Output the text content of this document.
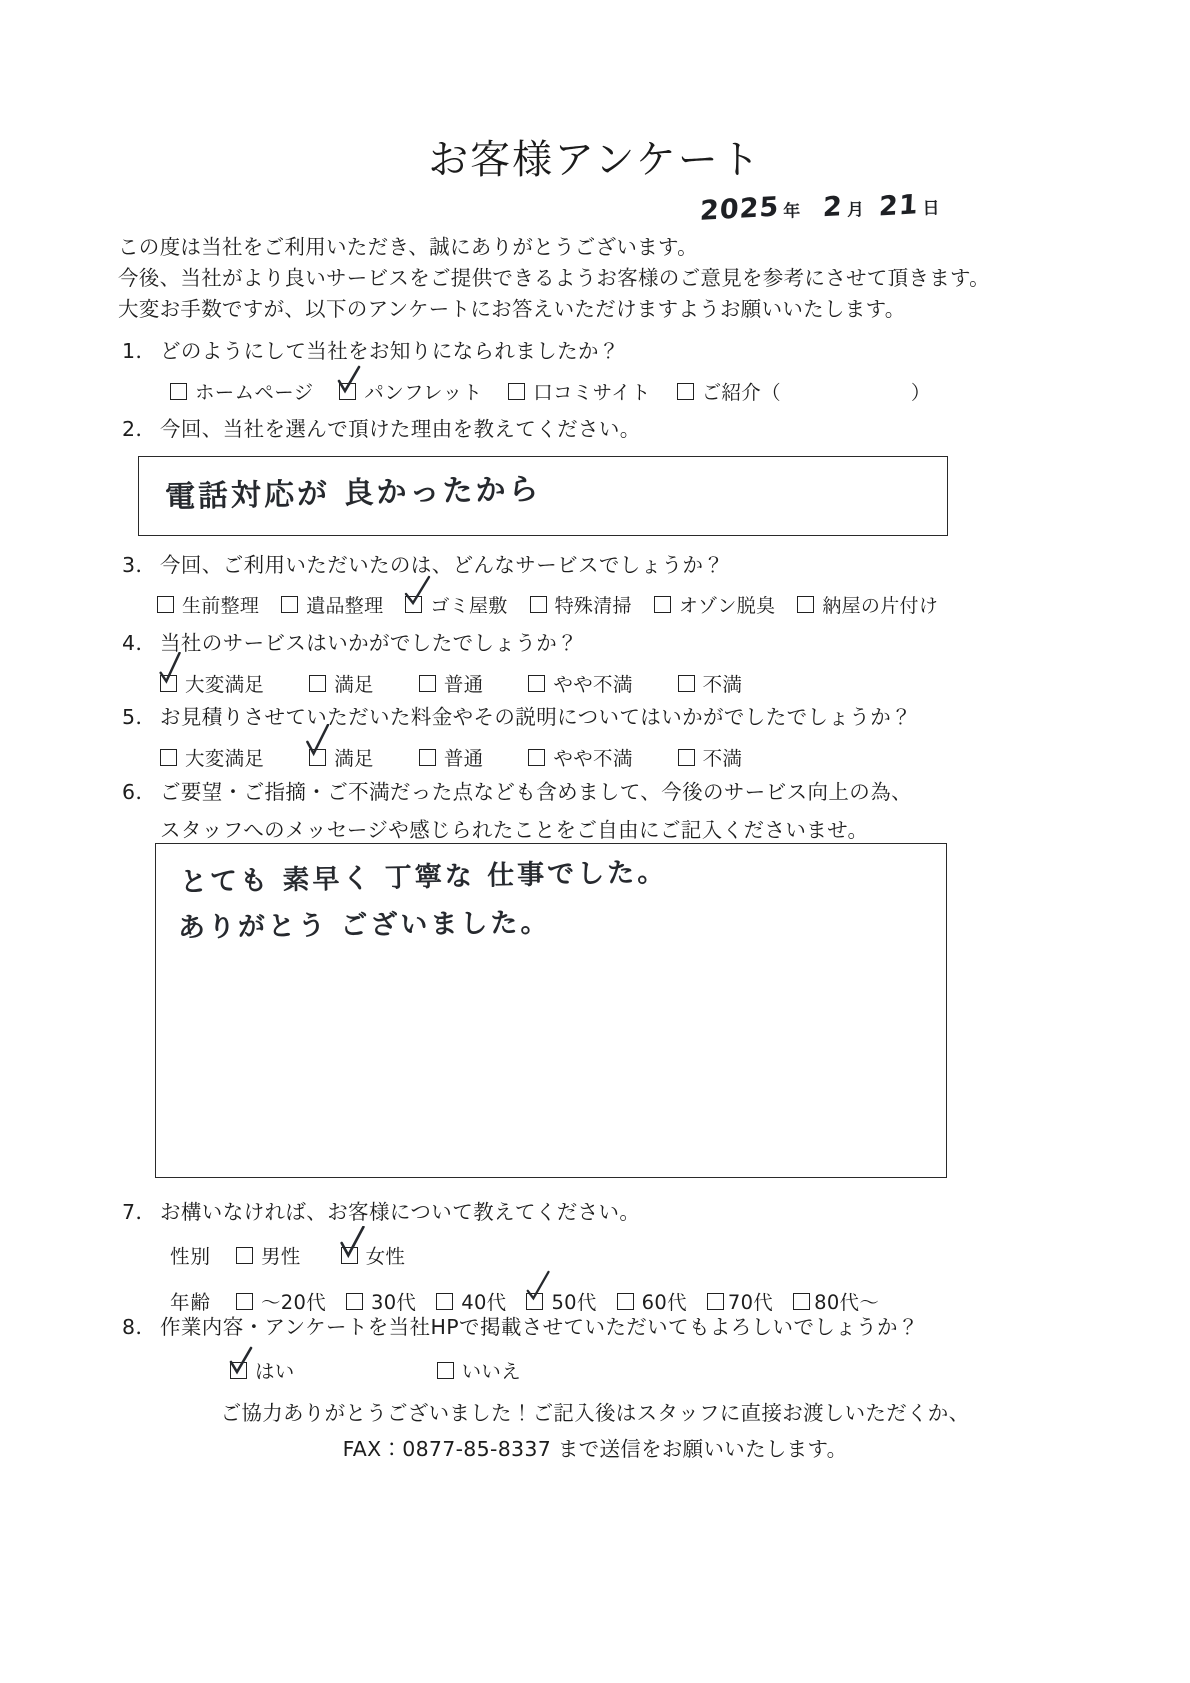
お客様アンケート
2025 年 2 月 21 日
この度は当社をご利用いただき、誠にありがとうございます。
今後、当社がより良いサービスをご提供できるようお客様のご意見を参考にさせて頂きます。
大変お手数ですが、以下のアンケートにお答えいただけますようお願いいたします。
1． どのようにして当社をお知りになられましたか？
ホームページ	パンフレット	口コミサイト	ご紹介（	）
2． 今回、当社を選んで頂けた理由を教えてください。
電話対応が 良かったから
3． 今回、ご利用いただいたのは、どんなサービスでしょうか？
生前整理 遺品整理 ゴミ屋敷 特殊清掃 オゾン脱臭 納屋の片付け
4． 当社のサービスはいかがでしたでしょうか？
大変満足	満足	普通	やや不満	不満
5． お見積りさせていただいた料金やその説明についてはいかがでしたでしょうか？
大変満足	満足	普通	やや不満	不満
6． ご要望・ご指摘・ご不満だった点なども含めまして、今後のサービス向上の為、
スタッフへのメッセージや感じられたことをご自由にご記入くださいませ。
とても 素早く 丁寧な 仕事でした。
ありがとう ございました。
7． お構いなければ、お客様について教えてください。
性別	男性	女性
年齢	～20代 30代 40代 50代 60代 70代 80代～
8． 作業内容・アンケートを当社HPで掲載させていただいてもよろしいでしょうか？
はい	いいえ
ご協力ありがとうございました！ご記入後はスタッフに直接お渡しいただくか、
FAX：0877-85-8337 まで送信をお願いいたします。
